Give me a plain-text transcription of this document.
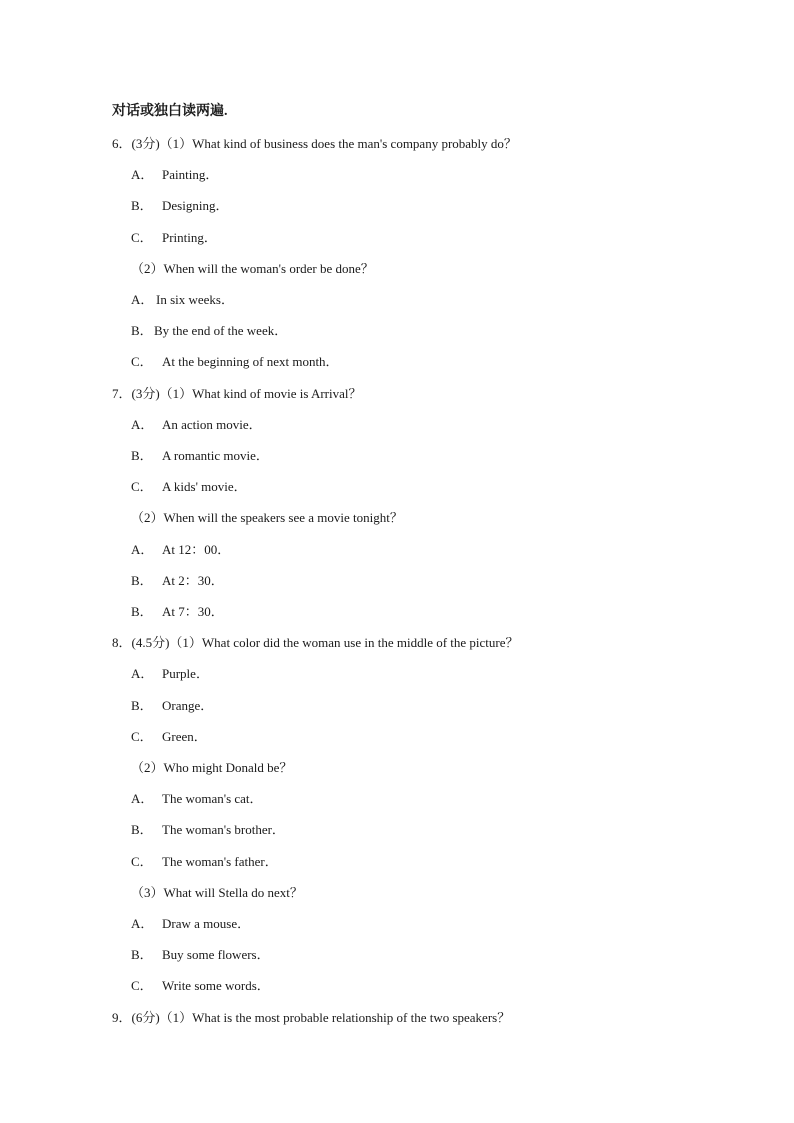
对话或独白读两遍.
6．(3分)（1）What kind of business does the man's company probably do？
A． Painting．
B． Designing．
C． Printing．
（2）When will the woman's order be done？
A． In six weeks．
B．By the end of the week．
C． At the beginning of next month．
7．(3分)（1）What kind of movie is Arrival？
A． An action movie．
B． A romantic movie．
C． A kids' movie．
（2）When will the speakers see a movie tonight？
A． At 12：00．
B． At 2：30．
B． At 7：30．
8．(4.5分)（1）What color did the woman use in the middle of the picture？
A． Purple．
B． Orange．
C． Green．
（2）Who might Donald be？
A． The woman's cat．
B． The woman's brother．
C． The woman's father．
（3）What will Stella do next？
A． Draw a mouse．
B． Buy some flowers．
C． Write some words．
9．(6分)（1）What is the most probable relationship of the two speakers？
